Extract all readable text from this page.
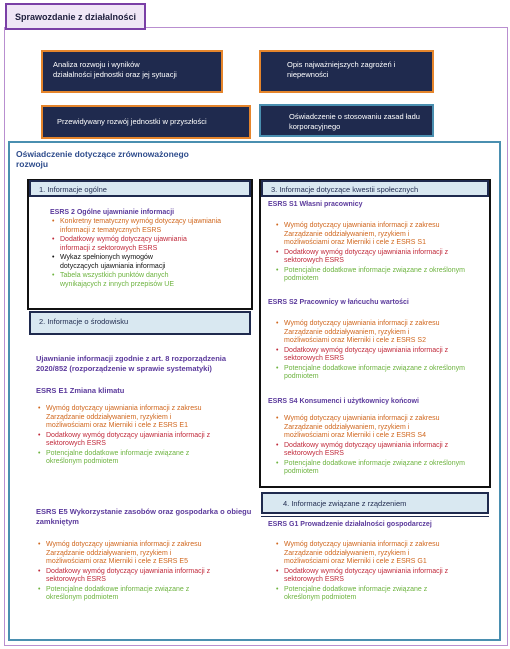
Sprawozdanie z działalności
Analiza rozwoju i wyników
działalności jednostki oraz jej sytuacji
Opis najważniejszych zagrożeń i
niepewności
Przewidywany rozwój jednostki w przyszłości
Oświadczenie o stosowaniu zasad ładu
korporacyjnego
Oświadczenie dotyczące zrównoważonego
rozwoju
1. Informacje ogólne
ESRS 2 Ogólne ujawnianie informacji
• Konkretny tematyczny wymóg dotyczący ujawniania
informacji z tematycznych ESRS
• Dodatkowy wymóg dotyczący ujawniania
informacji z sektorowych ESRS
• Wykaz spełnionych wymogów
dotyczących ujawniania informacji
• Tabela wszystkich punktów danych
wynikających z innych przepisów UE
2. Informacje o środowisku
Ujawnianie informacji zgodnie z art. 8 rozporządzenia
2020/852 (rozporządzenie w sprawie systematyki)
ESRS E1 Zmiana klimatu
• Wymóg dotyczący ujawniania informacji z zakresu
Zarządzanie oddziaływaniem, ryzykiem i
możliwościami oraz Mierniki i cele z ESRS E1
• Dodatkowy wymóg dotyczący ujawniania informacji z
sektorowych ESRS
• Potencjalne dodatkowe informacje związane z
określonym podmiotem
ESRS E5 Wykorzystanie zasobów oraz gospodarka o obiegu
zamkniętym
• Wymóg dotyczący ujawniania informacji z zakresu
Zarządzanie oddziaływaniem, ryzykiem i
możliwościami oraz Mierniki i cele z ESRS E5
• Dodatkowy wymóg dotyczący ujawniania informacji z
sektorowych ESRS
• Potencjalne dodatkowe informacje związane z
określonym podmiotem
3. Informacje dotyczące kwestii społecznych
ESRS S1 Własni pracownicy
• Wymóg dotyczący ujawniania informacji z zakresu
Zarządzanie oddziaływaniem, ryzykiem i
możliwościami oraz Mierniki i cele z ESRS S1
• Dodatkowy wymóg dotyczący ujawniania informacji z
sektorowych ESRS
• Potencjalne dodatkowe informacje związane z określonym
podmiotem
ESRS S2 Pracownicy w łańcuchu wartości
• Wymóg dotyczący ujawniania informacji z zakresu
Zarządzanie oddziaływaniem, ryzykiem i
możliwościami oraz Mierniki i cele z ESRS S2
• Dodatkowy wymóg dotyczący ujawniania informacji z
sektorowych ESRS
• Potencjalne dodatkowe informacje związane z określonym
podmiotem
ESRS S4 Konsumenci i użytkownicy końcowi
• Wymóg dotyczący ujawniania informacji z zakresu
Zarządzanie oddziaływaniem, ryzykiem i
możliwościami oraz Mierniki i cele z ESRS S4
• Dodatkowy wymóg dotyczący ujawniania informacji z
sektorowych ESRS
• Potencjalne dodatkowe informacje związane z określonym
podmiotem
4. Informacje związane z rządzeniem
ESRS G1 Prowadzenie działalności gospodarczej
• Wymóg dotyczący ujawniania informacji z zakresu
Zarządzanie oddziaływaniem, ryzykiem i
możliwościami oraz Mierniki i cele z ESRS G1
• Dodatkowy wymóg dotyczący ujawniania informacji z
sektorowych ESRS
• Potencjalne dodatkowe informacje związane z
określonym podmiotem
